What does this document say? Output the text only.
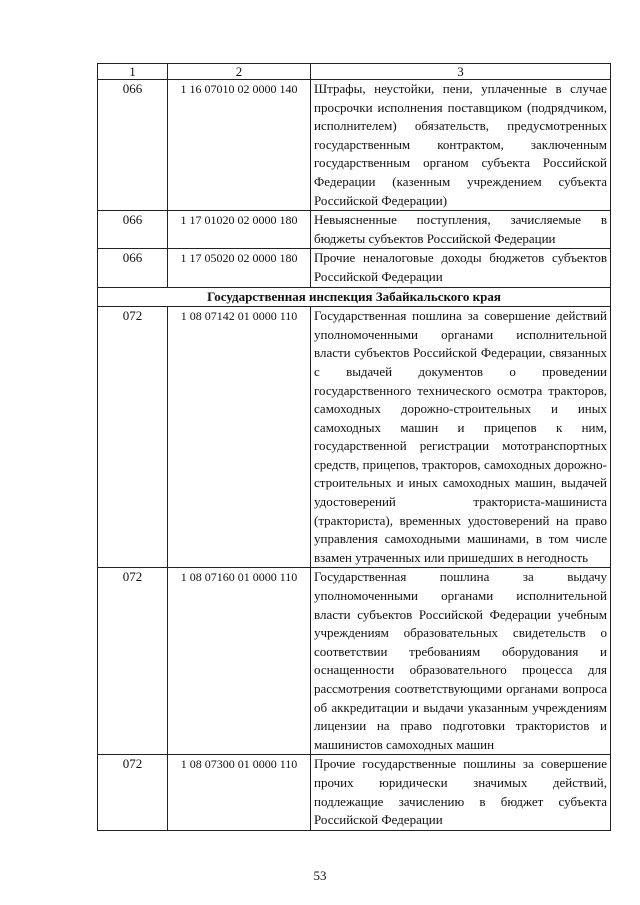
1	2	3
066	1 16 07010 02 0000 140	Штрафы, неустойки, пени, уплаченные в случае просрочки исполнения поставщиком (подрядчиком, исполнителем) обязательств, предусмотренных государственным контрактом, заключенным государственным органом субъекта Российской Федерации (казенным учреждением субъекта Российской Федерации)
066	1 17 01020 02 0000 180	Невыясненные поступления, зачисляемые в бюджеты субъектов Российской Федерации
066	1 17 05020 02 0000 180	Прочие неналоговые доходы бюджетов субъектов Российской Федерации
Государственная инспекция Забайкальского края		
072	1 08 07142 01 0000 110	Государственная пошлина за совершение действий уполномоченными органами исполнительной власти субъектов Российской Федерации, связанных с выдачей документов о проведении государственного технического осмотра тракторов, самоходных дорожно-строительных и иных самоходных машин и прицепов к ним, государственной регистрации мототранспортных средств, прицепов, тракторов, самоходных дорожно-строительных и иных самоходных машин, выдачей удостоверений тракториста-машиниста (тракториста), временных удостоверений на право управления самоходными машинами, в том числе взамен утраченных или пришедших в негодность
072	1 08 07160 01 0000 110	Государственная пошлина за выдачу уполномоченными органами исполнительной власти субъектов Российской Федерации учебным учреждениям образовательных свидетельств о соответствии требованиям оборудования и оснащенности образовательного процесса для рассмотрения соответствующими органами вопроса об аккредитации и выдачи указанным учреждениям лицензии на право подготовки трактористов и машинистов самоходных машин
072	1 08 07300 01 0000 110	Прочие государственные пошлины за совершение прочих юридически значимых действий, подлежащие зачислению в бюджет субъекта Российской Федерации
53
